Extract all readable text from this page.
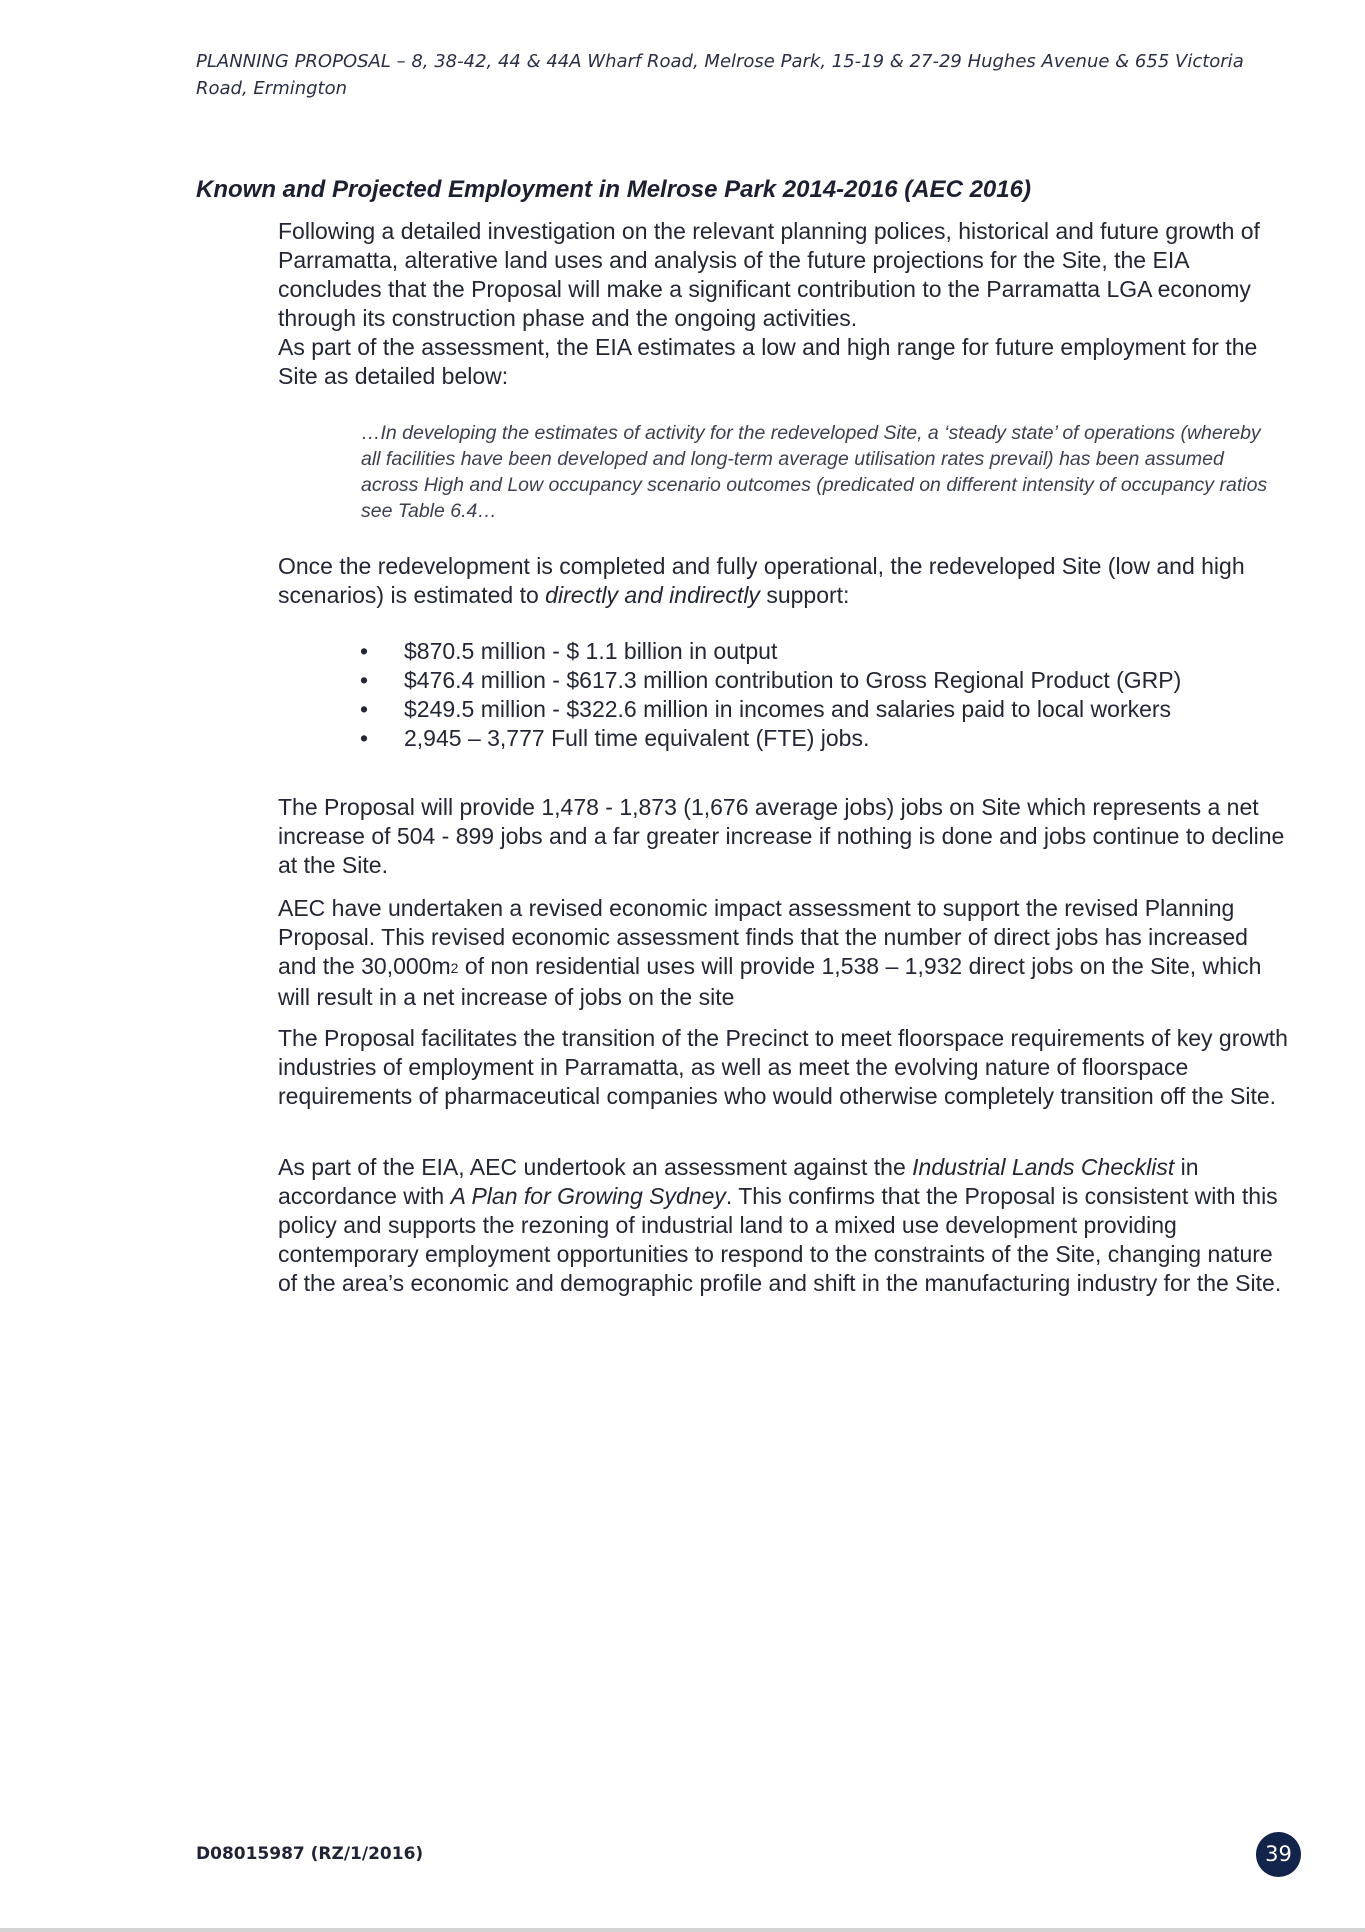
PLANNING PROPOSAL – 8, 38-42, 44 & 44A Wharf Road, Melrose Park, 15-19 & 27-29 Hughes Avenue & 655 Victoria Road, Ermington
Known and Projected Employment in Melrose Park 2014-2016 (AEC 2016)

Following a detailed investigation on the relevant planning polices, historical and future growth of Parramatta, alterative land uses and analysis of the future projections for the Site, the EIA concludes that the Proposal will make a significant contribution to the Parramatta LGA economy through its construction phase and the ongoing activities.

As part of the assessment, the EIA estimates a low and high range for future employment for the Site as detailed below:

…In developing the estimates of activity for the redeveloped Site, a ‘steady state’ of operations (whereby all facilities have been developed and long-term average utilisation rates prevail) has been assumed across High and Low occupancy scenario outcomes (predicated on different intensity of occupancy ratios see Table 6.4…

Once the redevelopment is completed and fully operational, the redeveloped Site (low and high scenarios) is estimated to directly and indirectly support:

• $870.5 million - $ 1.1 billion in output
• $476.4 million - $617.3 million contribution to Gross Regional Product (GRP)
• $249.5 million - $322.6 million in incomes and salaries paid to local workers
• 2,945 – 3,777 Full time equivalent (FTE) jobs.

The Proposal will provide 1,478 - 1,873 (1,676 average jobs) jobs on Site which represents a net increase of 504 - 899 jobs and a far greater increase if nothing is done and jobs continue to decline at the Site.

AEC have undertaken a revised economic impact assessment to support the revised Planning Proposal. This revised economic assessment finds that the number of direct jobs has increased and the $30,000m^2$ of non residential uses will provide 1,538 – 1,932 direct jobs on the Site, which will result in a net increase of jobs on the site

The Proposal facilitates the transition of the Precinct to meet floorspace requirements of key growth industries of employment in Parramatta, as well as meet the evolving nature of floorspace requirements of pharmaceutical companies who would otherwise completely transition off the Site.

As part of the EIA, AEC undertook an assessment against the Industrial Lands Checklist in accordance with A Plan for Growing Sydney. This confirms that the Proposal is consistent with this policy and supports the rezoning of industrial land to a mixed use development providing contemporary employment opportunities to respond to the constraints of the Site, changing nature of the area’s economic and demographic profile and shift in the manufacturing industry for the Site.

D08015987 (RZ/1/2016)	39
